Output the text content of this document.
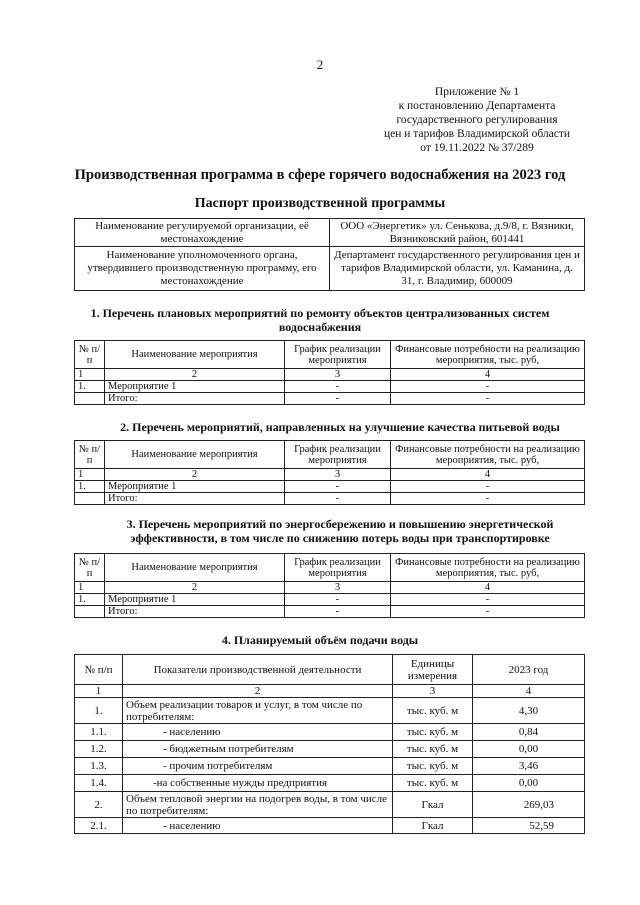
2
Приложение № 1
к постановлению Департамента
государственного регулирования
цен и тарифов Владимирской области
от 19.11.2022 № 37/289
Производственная программа в сфере горячего водоснабжения на 2023 год
Паспорт производственной программы
Наименование регулируемой организации, её местонахождение	ООО «Энергетик» ул. Сенькова, д.9/8, г. Вязники, Вязниковский район, 601441
Наименование уполномоченного органа, утвердившего производственную программу, его местонахождение	Департамент государственного регулирования цен и тарифов Владимирской области, ул. Каманина, д. 31, г. Владимир, 600009
1. Перечень плановых мероприятий по ремонту объектов централизованных систем водоснабжения
№ п/п	Наименование мероприятия	График реализации мероприятия	Финансовые потребности на реализацию мероприятия, тыс. руб,
1	2	3	4
1.	Мероприятие 1	-	-
	Итого:	-	-
2. Перечень мероприятий, направленных на улучшение качества питьевой воды
№ п/п	Наименование мероприятия	График реализации мероприятия	Финансовые потребности на реализацию мероприятия, тыс. руб,
1	2	3	4
1.	Мероприятие 1	-	-
	Итого:	-	-
3. Перечень мероприятий по энергосбережению и повышению энергетической эффективности, в том числе по снижению потерь воды при транспортировке
№ п/п	Наименование мероприятия	График реализации мероприятия	Финансовые потребности на реализацию мероприятия, тыс. руб,
1	2	3	4
1.	Мероприятие 1	-	-
	Итого:	-	-
4. Планируемый объём подачи воды
№ п/п	Показатели производственной деятельности	Единицы измерения	2023 год
1	2	3	4
1.	Объем реализации товаров и услуг, в том числе по потребителям:	тыс. куб. м	4,30
1.1.	- населению	тыс. куб. м	0,84
1.2.	- бюджетным потребителям	тыс. куб. м	0,00
1.3.	- прочим потребителям	тыс. куб. м	3,46
1.4.	-на собственные нужды предприятия	тыс. куб. м	0,00
2.	Объем тепловой энергии на подогрев воды, в том числе по потребителям:	Гкал	269,03
2.1.	- населению	Гкал	52,59
